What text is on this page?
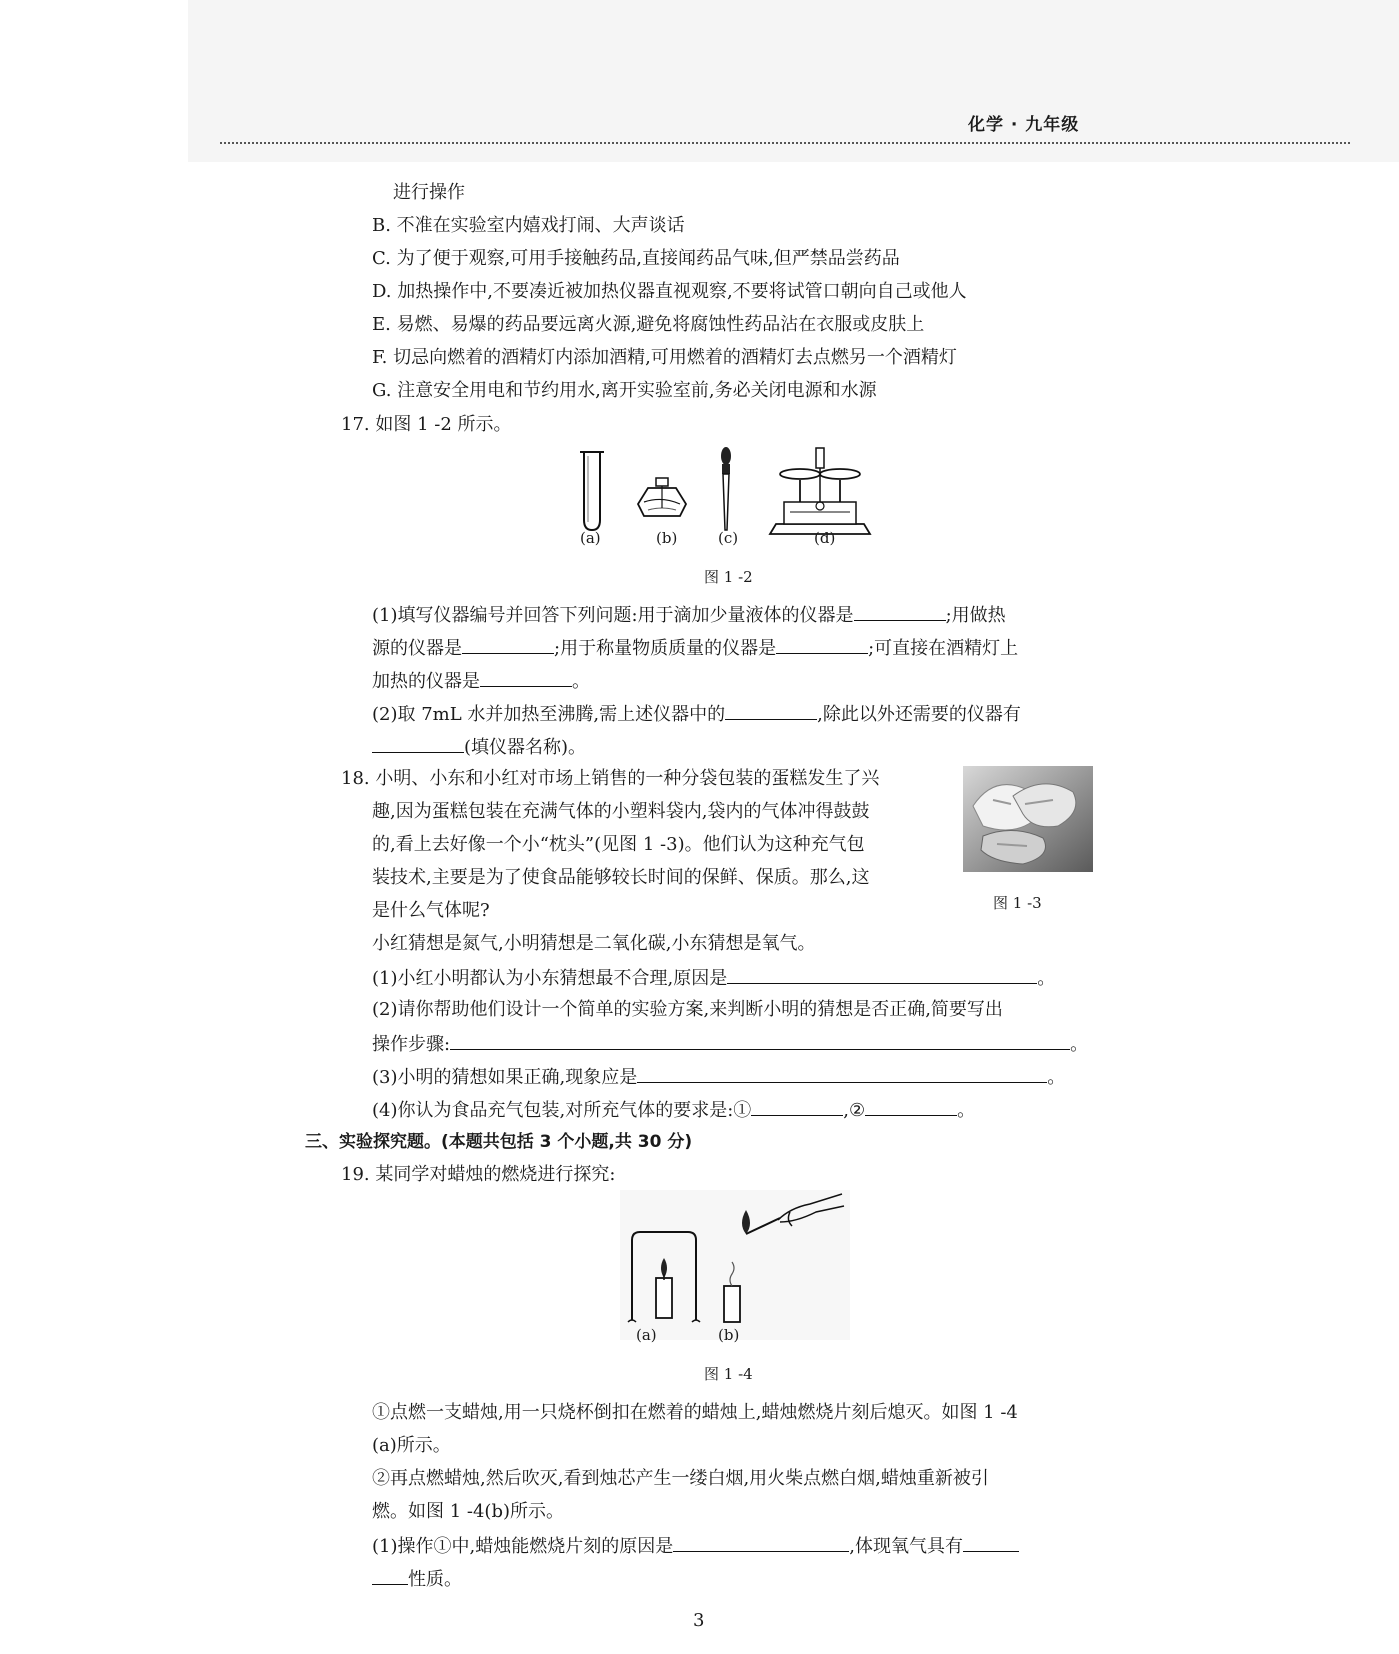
化学 · 九年级
进行操作
B. 不准在实验室内嬉戏打闹、大声谈话
C. 为了便于观察,可用手接触药品,直接闻药品气味,但严禁品尝药品
D. 加热操作中,不要凑近被加热仪器直视观察,不要将试管口朝向自己或他人
E. 易燃、易爆的药品要远离火源,避免将腐蚀性药品沾在衣服或皮肤上
F. 切忌向燃着的酒精灯内添加酒精,可用燃着的酒精灯去点燃另一个酒精灯
G. 注意安全用电和节约用水,离开实验室前,务必关闭电源和水源
17. 如图 1 -2 所示。
(a)	(b)	(c)	(d)
图 1 -2
(1)填写仪器编号并回答下列问题:用于滴加少量液体的仪器是	;用做热
源的仪器是	;用于称量物质质量的仪器是	;可直接在酒精灯上
加热的仪器是	。
(2)取 7mL 水并加热至沸腾,需上述仪器中的	,除此以外还需要的仪器有
(填仪器名称)。
18. 小明、小东和小红对市场上销售的一种分袋包装的蛋糕发生了兴
趣,因为蛋糕包装在充满气体的小塑料袋内,袋内的气体冲得鼓鼓
的,看上去好像一个小“枕头”(见图 1 -3)。他们认为这种充气包
装技术,主要是为了使食品能够较长时间的保鲜、保质。那么,这
是什么气体呢?	图 1 -3
小红猜想是氮气,小明猜想是二氧化碳,小东猜想是氧气。
(1)小红小明都认为小东猜想最不合理,原因是	。
(2)请你帮助他们设计一个简单的实验方案,来判断小明的猜想是否正确,简要写出
操作步骤:	。
(3)小明的猜想如果正确,现象应是	。
(4)你认为食品充气包装,对所充气体的要求是:①	,②	。
三、实验探究题。(本题共包括 3 个小题,共 30 分)
19. 某同学对蜡烛的燃烧进行探究:
(a)	(b)
图 1 -4
①点燃一支蜡烛,用一只烧杯倒扣在燃着的蜡烛上,蜡烛燃烧片刻后熄灭。如图 1 -4
(a)所示。
②再点燃蜡烛,然后吹灭,看到烛芯产生一缕白烟,用火柴点燃白烟,蜡烛重新被引
燃。如图 1 -4(b)所示。
(1)操作①中,蜡烛能燃烧片刻的原因是	,体现氧气具有
性质。
3
